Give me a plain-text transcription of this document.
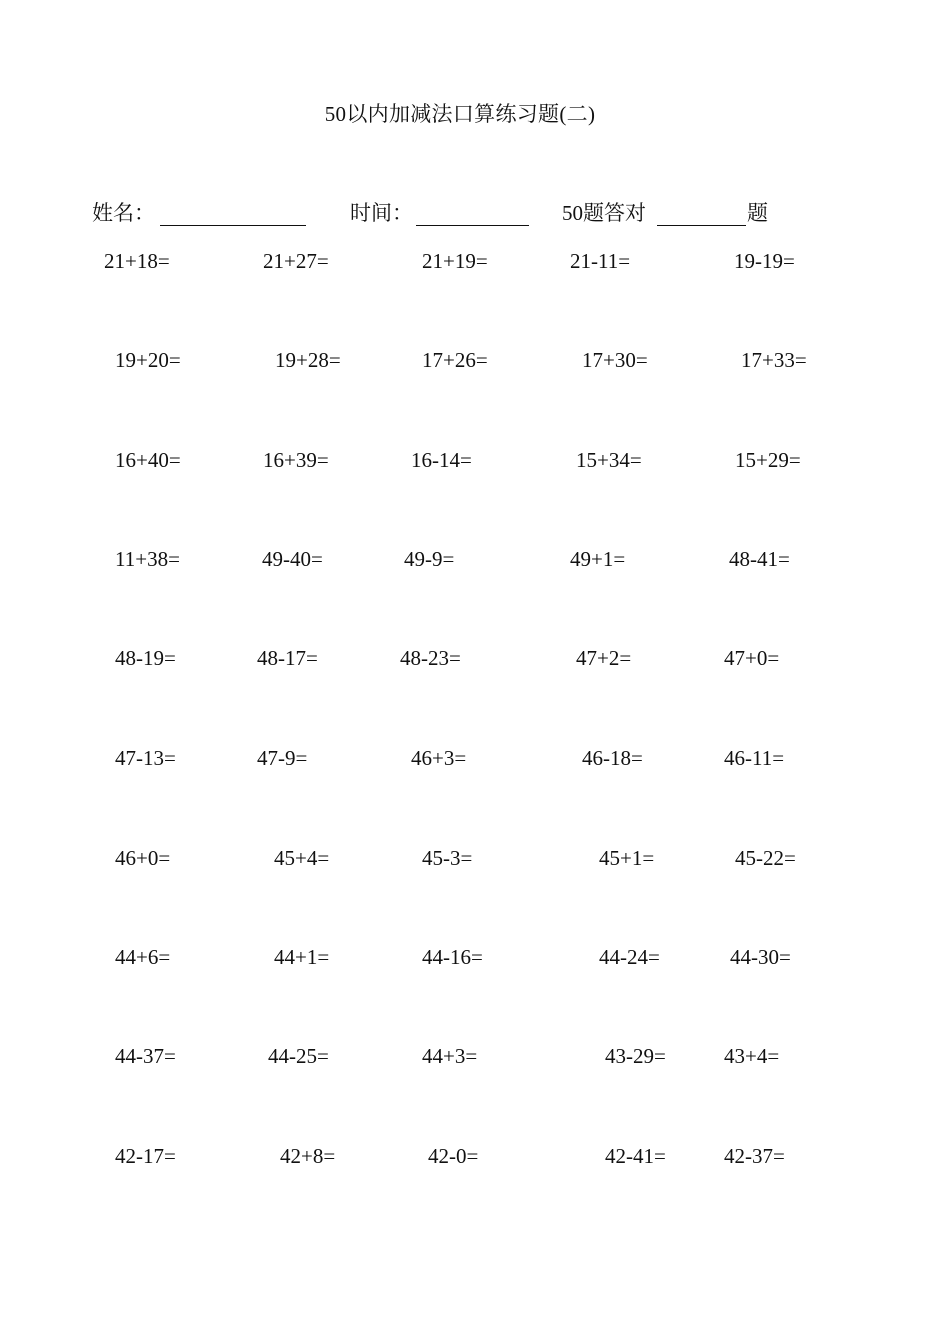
50以内加减法口算练习题(二)
姓名：	时间：	50题答对	题
21+18=	21+27=	21+19=	21-11=	19-19=
19+20=	19+28=	17+26=	17+30=	17+33=
16+40=	16+39=	16-14=	15+34=	15+29=
11+38=	49-40=	49-9=	49+1=	48-41=
48-19=	48-17=	48-23=	47+2=	47+0=
47-13=	47-9=	46+3=	46-18=	46-11=
46+0=	45+4=	45-3=	45+1=	45-22=
44+6=	44+1=	44-16=	44-24=	44-30=
44-37=	44-25=	44+3=	43-29=	43+4=
42-17=	42+8=	42-0=	42-41=	42-37=
